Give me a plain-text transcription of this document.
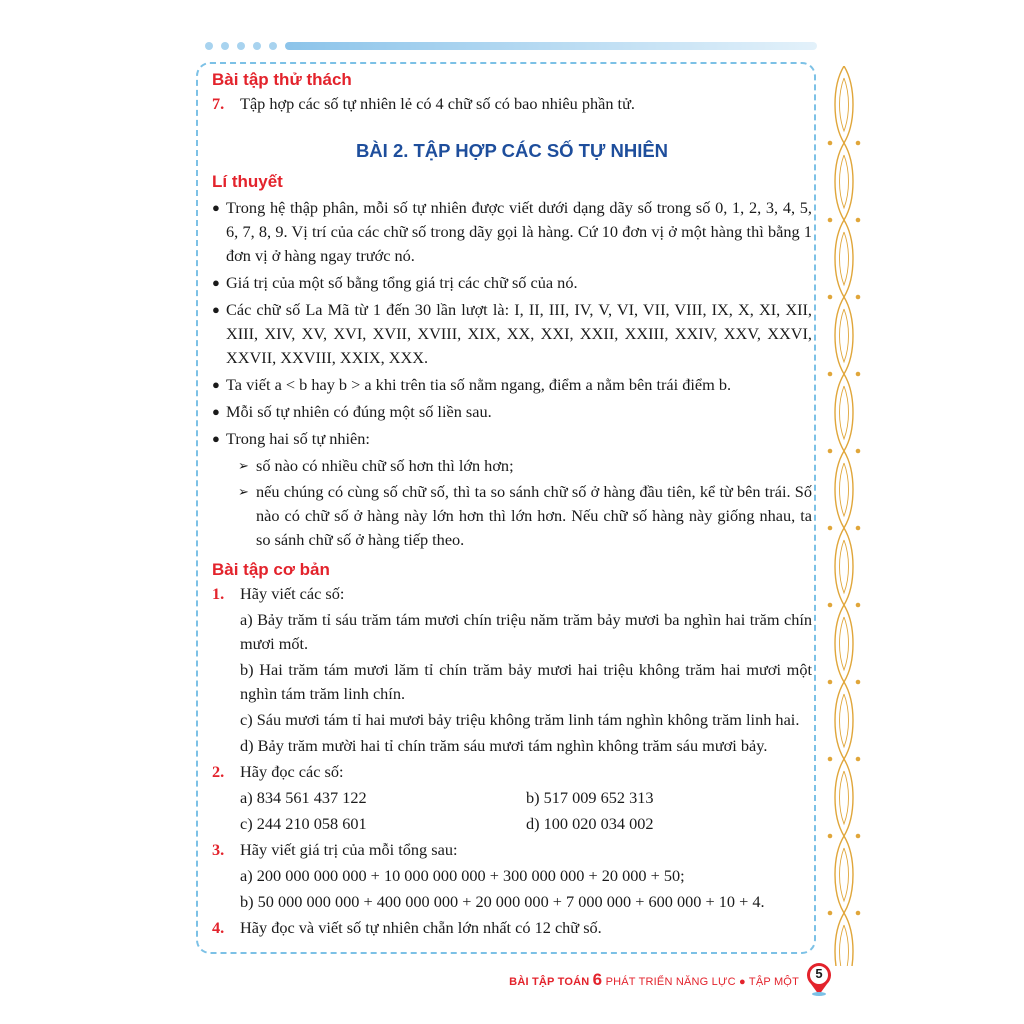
Bài tập thử thách
7. Tập hợp các số tự nhiên lẻ có 4 chữ số có bao nhiêu phần tử.
BÀI 2. TẬP HỢP CÁC SỐ TỰ NHIÊN
Lí thuyết
● Trong hệ thập phân, mỗi số tự nhiên được viết dưới dạng dãy số trong số 0, 1, 2, 3, 4, 5, 6, 7, 8, 9. Vị trí của các chữ số trong dãy gọi là hàng. Cứ 10 đơn vị ở một hàng thì bằng 1 đơn vị ở hàng ngay trước nó.
● Giá trị của một số bằng tổng giá trị các chữ số của nó.
● Các chữ số La Mã từ 1 đến 30 lần lượt là: I, II, III, IV, V, VI, VII, VIII, IX, X, XI, XII, XIII, XIV, XV, XVI, XVII, XVIII, XIX, XX, XXI, XXII, XXIII, XXIV, XXV, XXVI, XXVII, XXVIII, XXIX, XXX.
● Ta viết a < b hay b > a khi trên tia số nằm ngang, điểm a nằm bên trái điểm b.
● Mỗi số tự nhiên có đúng một số liền sau.
● Trong hai số tự nhiên:
➢ số nào có nhiều chữ số hơn thì lớn hơn;
➢ nếu chúng có cùng số chữ số, thì ta so sánh chữ số ở hàng đầu tiên, kể từ bên trái. Số nào có chữ số ở hàng này lớn hơn thì lớn hơn. Nếu chữ số hàng này giống nhau, ta so sánh chữ số ở hàng tiếp theo.
Bài tập cơ bản
1. Hãy viết các số:
a) Bảy trăm tỉ sáu trăm tám mươi chín triệu năm trăm bảy mươi ba nghìn hai trăm chín mươi mốt.
b) Hai trăm tám mươi lăm tỉ chín trăm bảy mươi hai triệu không trăm hai mươi một nghìn tám trăm linh chín.
c) Sáu mươi tám tỉ hai mươi bảy triệu không trăm linh tám nghìn không trăm linh hai.
d) Bảy trăm mười hai tỉ chín trăm sáu mươi tám nghìn không trăm sáu mươi bảy.
2. Hãy đọc các số:
a) 834 561 437 122	b) 517 009 652 313
c) 244 210 058 601	d) 100 020 034 002
3. Hãy viết giá trị của mỗi tổng sau:
a) 200 000 000 000 + 10 000 000 000 + 300 000 000 + 20 000 + 50;
b) 50 000 000 000 + 400 000 000 + 20 000 000 + 7 000 000 + 600 000 + 10 + 4.
4. Hãy đọc và viết số tự nhiên chẵn lớn nhất có 12 chữ số.
BÀI TẬP TOÁN 6 PHÁT TRIỂN NĂNG LỰC ● TẬP MỘT
5
